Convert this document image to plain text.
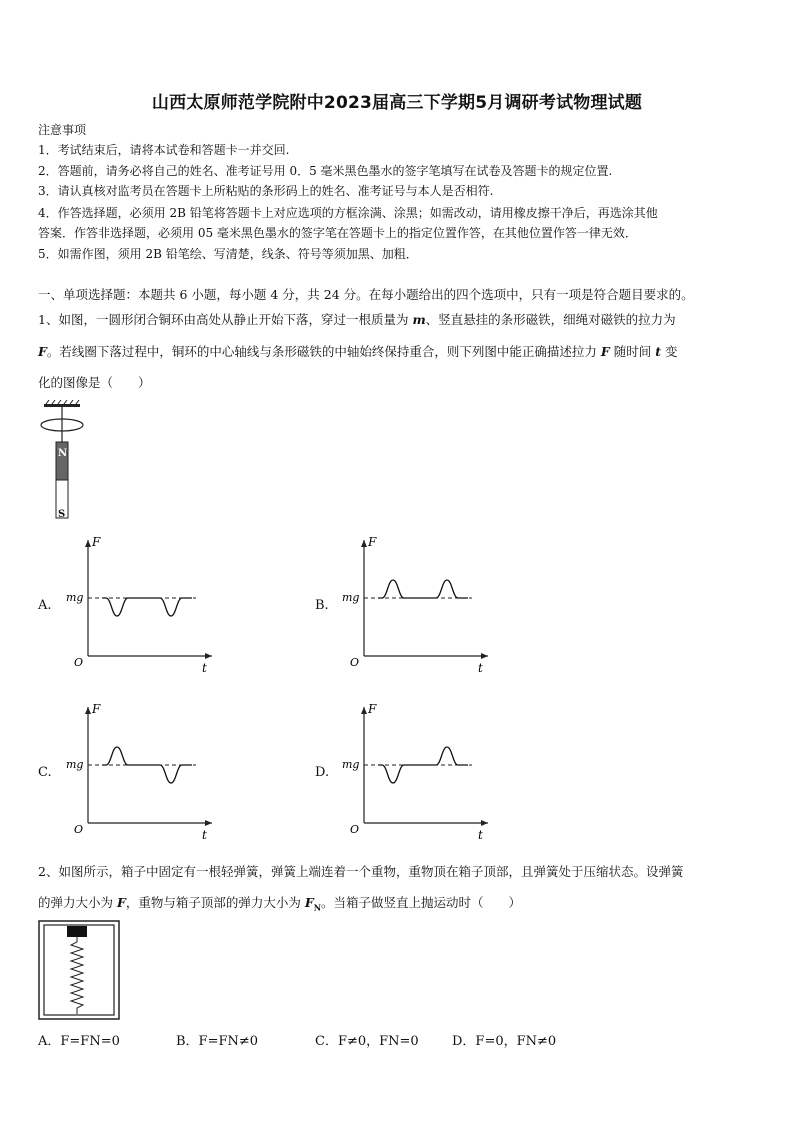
山西太原师范学院附中2023届高三下学期5月调研考试物理试题
注意事项
1．考试结束后，请将本试卷和答题卡一并交回.
2．答题前，请务必将自己的姓名、准考证号用 0．5 毫米黑色墨水的签字笔填写在试卷及答题卡的规定位置.
3．请认真核对监考员在答题卡上所粘贴的条形码上的姓名、准考证号与本人是否相符.
4．作答选择题，必须用 2B 铅笔将答题卡上对应选项的方框涂满、涂黑；如需改动，请用橡皮擦干净后，再选涂其他
答案．作答非选择题，必须用 05 毫米黑色墨水的签字笔在答题卡上的指定位置作答，在其他位置作答一律无效．
5．如需作图，须用 2B 铅笔绘、写清楚，线条、符号等须加黑、加粗．
一、单项选择题：本题共 6 小题，每小题 4 分，共 24 分。在每小题给出的四个选项中，只有一项是符合题目要求的。
1、如图，一圆形闭合铜环由高处从静止开始下落，穿过一根质量为 m、竖直悬挂的条形磁铁，细绳对磁铁的拉力为
F。若线圈下落过程中，铜环的中心轴线与条形磁铁的中轴始终保持重合，则下列图中能正确描述拉力 F 随时间 t 变
化的图像是（　　）
N
S
A.	B.
C.	D.
F
t
O
mg
F
t
O
mg
F
t
O
mg
F
t
O
mg
2、如图所示，箱子中固定有一根轻弹簧，弹簧上端连着一个重物，重物顶在箱子顶部，且弹簧处于压缩状态。设弹簧
的弹力大小为 F，重物与箱子顶部的弹力大小为 $F_N$。当箱子做竖直上抛运动时（　　）
A．F=FN=0	B．F=FN≠0	C．F≠0，FN=0	D．F=0，FN≠0
